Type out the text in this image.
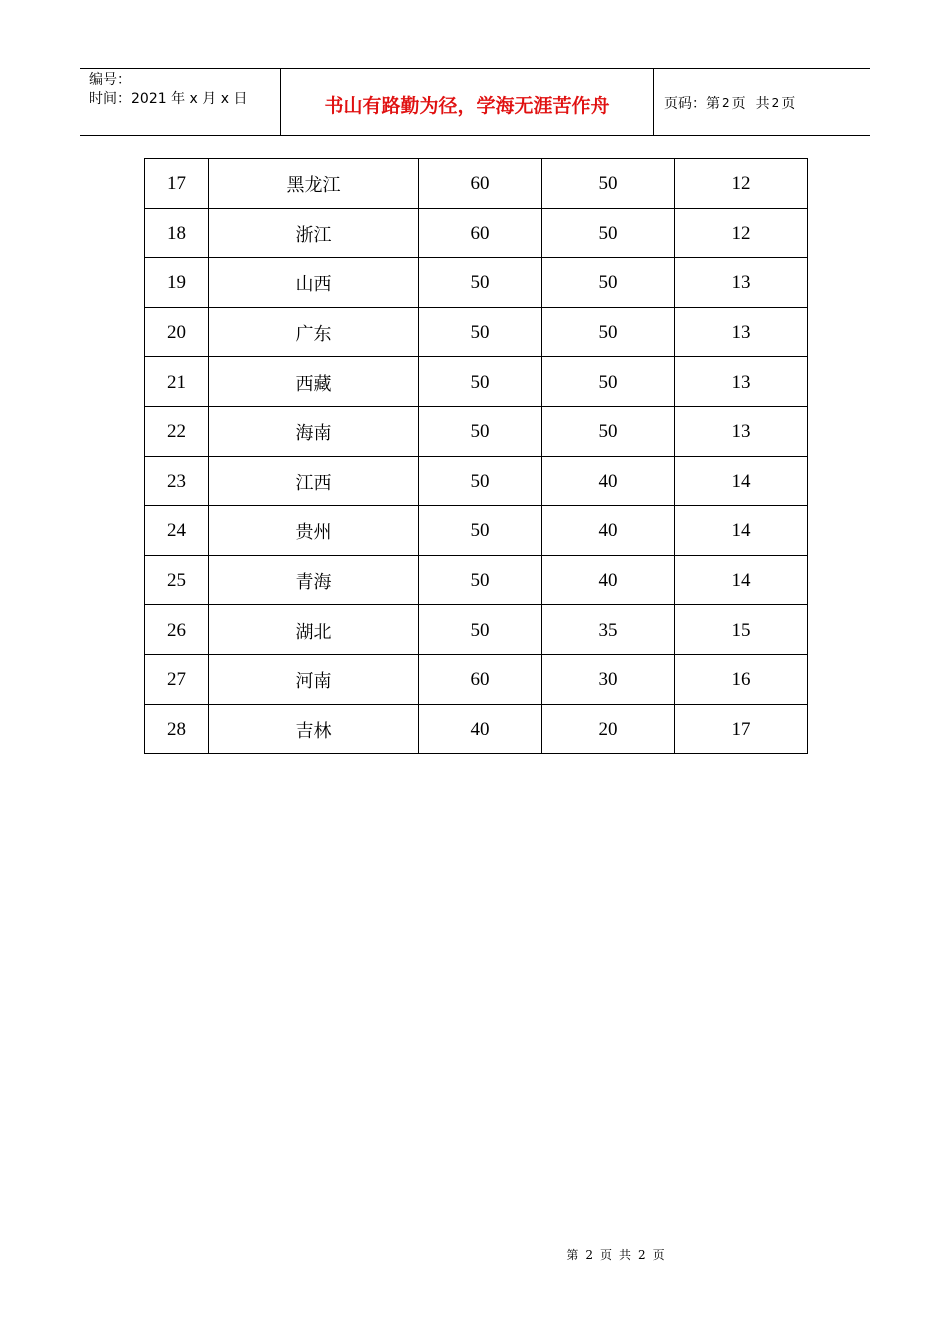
编号：
时间：2021 年 x 月 x 日	书山有路勤为径，学海无涯苦作舟	页码：第 2 页 共 2 页
17	黑龙江	60	50	12
18	浙江	60	50	12
19	山西	50	50	13
20	广东	50	50	13
21	西藏	50	50	13
22	海南	50	50	13
23	江西	50	40	14
24	贵州	50	40	14
25	青海	50	40	14
26	湖北	50	35	15
27	河南	60	30	16
28	吉林	40	20	17
第 2 页 共 2 页
